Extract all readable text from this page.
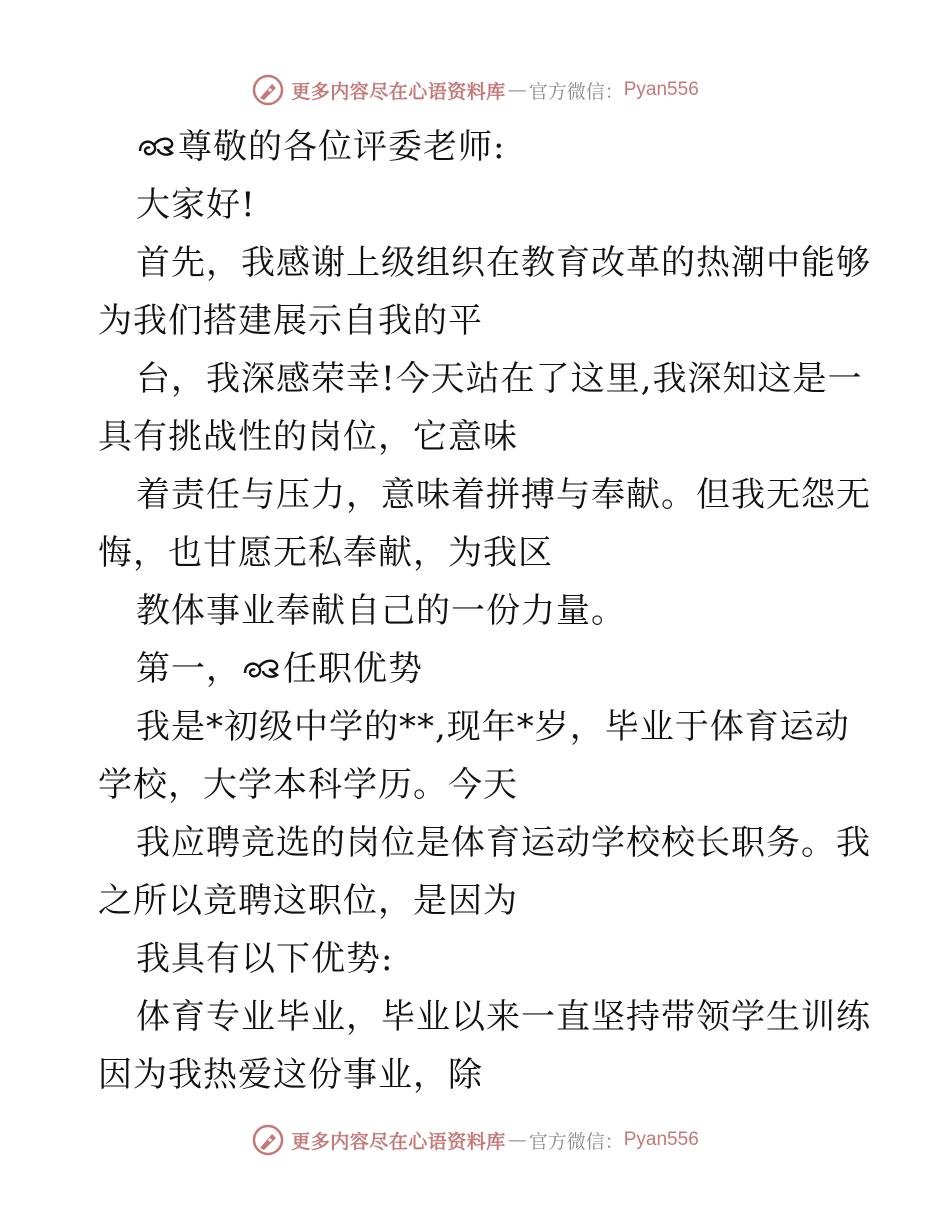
更多内容尽在心语资料库 — 官方微信： Pyan556
尊敬的各位评委老师:
大家好!
首先，我感谢上级组织在教育改革的热潮中能够
为我们搭建展示自我的平
台，我深感荣幸!今天站在了这里,我深知这是一
具有挑战性的岗位，它意味
着责任与压力，意味着拼搏与奉献。但我无怨无
悔，也甘愿无私奉献，为我区
教体事业奉献自己的一份力量。
第一， 任职优势
我是*初级中学的**,现年*岁，毕业于体育运动
学校，大学本科学历。今天
我应聘竞选的岗位是体育运动学校校长职务。我
之所以竞聘这职位，是因为
我具有以下优势:
体育专业毕业，毕业以来一直坚持带领学生训练
因为我热爱这份事业，除
更多内容尽在心语资料库 — 官方微信： Pyan556
